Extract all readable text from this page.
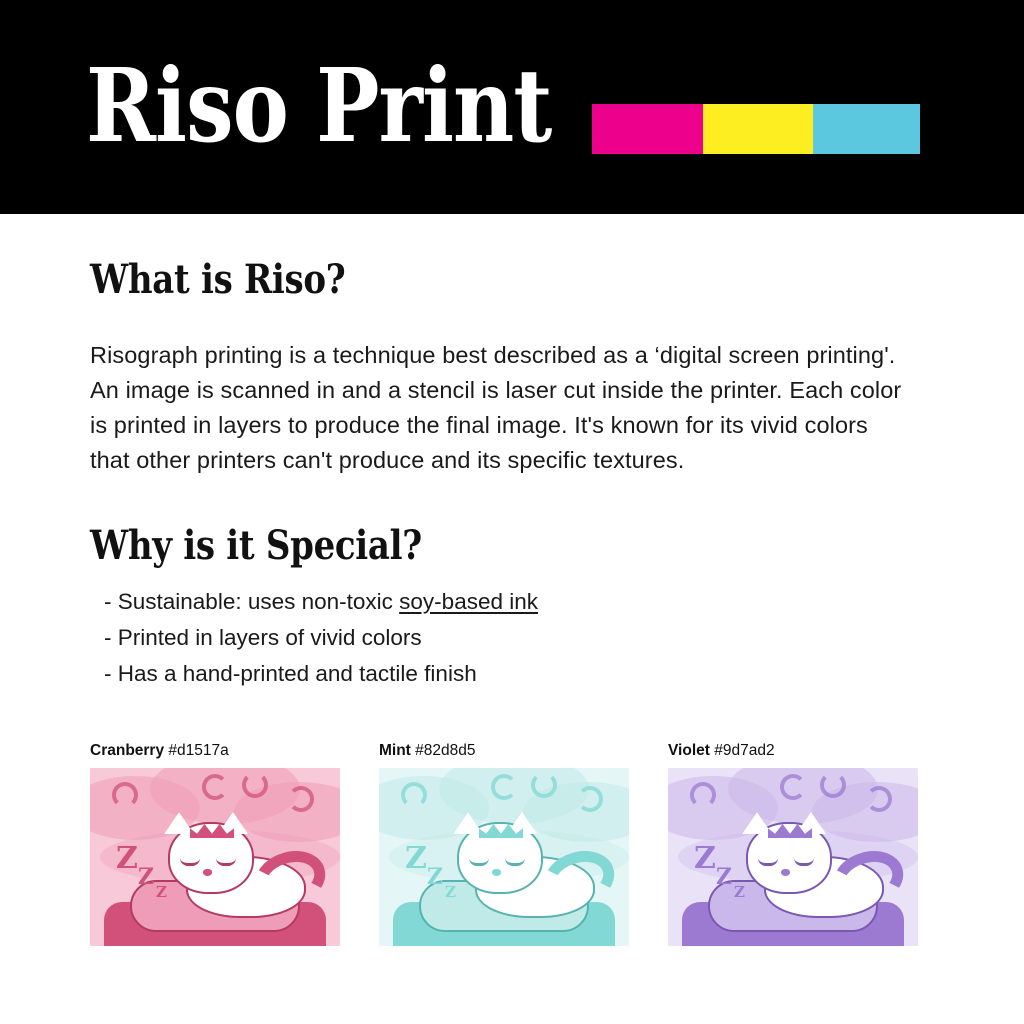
Riso Print
What is Riso?

Risograph printing is a technique best described as a ‘digital screen printing'. An image is scanned in and a stencil is laser cut inside the printer. Each color is printed in layers to produce the final image. It's known for its vivid colors that other printers can't produce and its specific textures.

Why is it Special?
- Sustainable: uses non-toxic soy-based ink
- Printed in layers of vivid colors
- Has a hand-printed and tactile finish
Cranberry #d1517a
Z
Z
Z
Mint #82d8d5
Z
Z
Z
Violet #9d7ad2
Z
Z
Z
